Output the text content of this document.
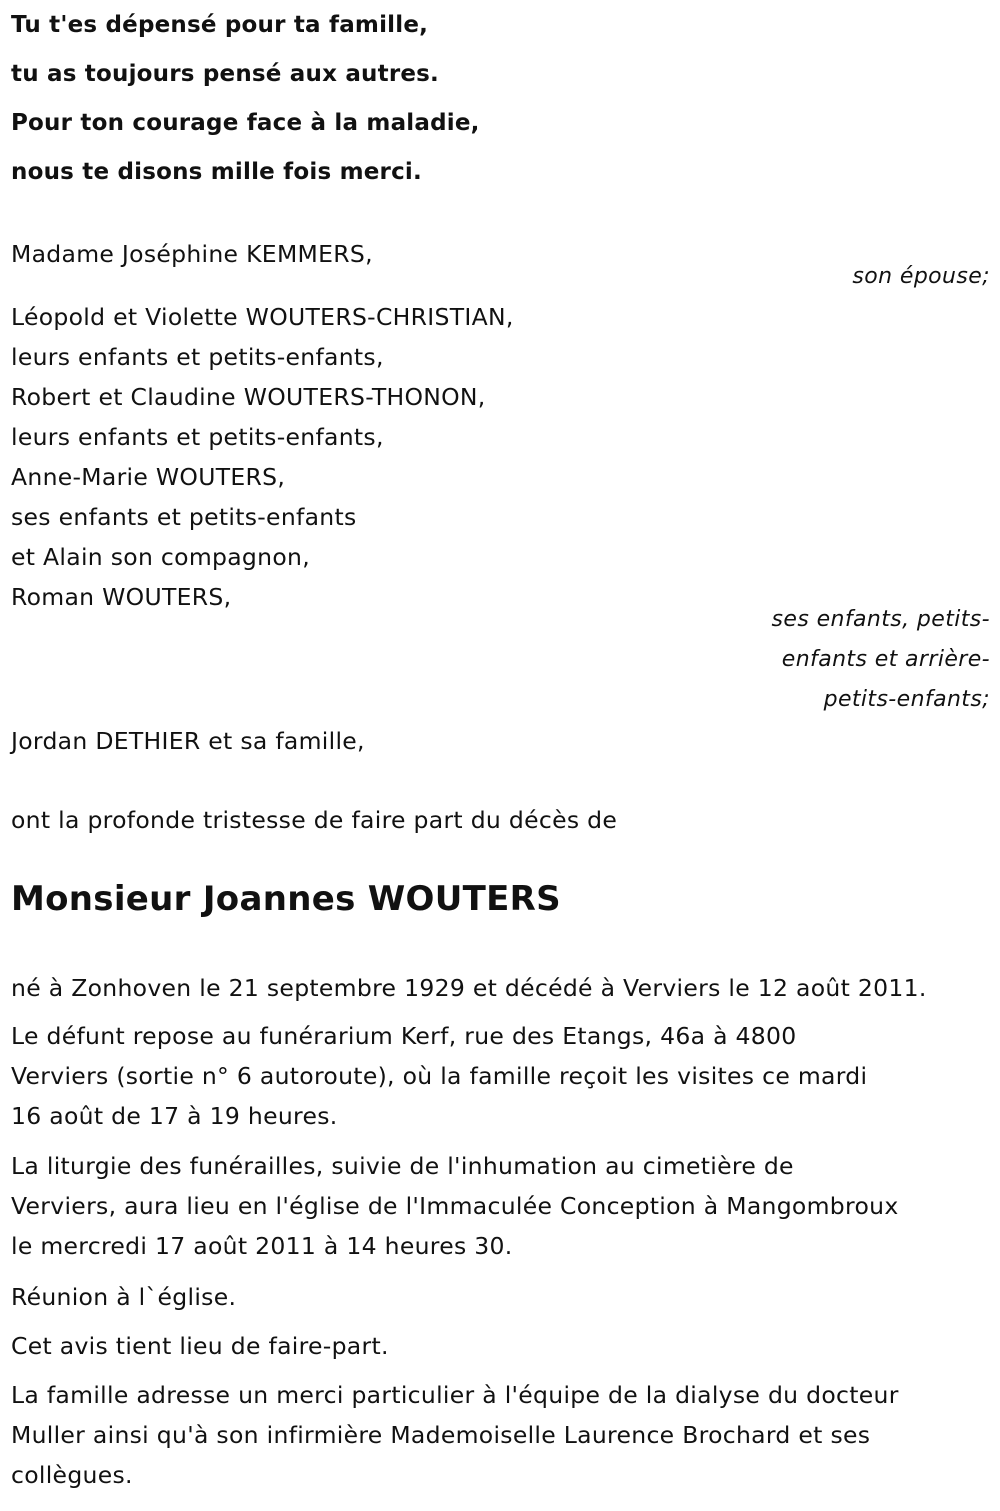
Tu t'es dépensé pour ta famille,
tu as toujours pensé aux autres.
Pour ton courage face à la maladie,
nous te disons mille fois merci.
Madame Joséphine KEMMERS,
son épouse;
Léopold et Violette WOUTERS-CHRISTIAN,
leurs enfants et petits-enfants,
Robert et Claudine WOUTERS-THONON,
leurs enfants et petits-enfants,
Anne-Marie WOUTERS,
ses enfants et petits-enfants
et Alain son compagnon,
Roman WOUTERS,
ses enfants, petits-
enfants et arrière-
petits-enfants;
Jordan DETHIER et sa famille,
ont la profonde tristesse de faire part du décès de
Monsieur Joannes WOUTERS
né à Zonhoven le 21 septembre 1929 et décédé à Verviers le 12 août 2011.
Le défunt repose au funérarium Kerf, rue des Etangs, 46a à 4800
Verviers (sortie n° 6 autoroute), où la famille reçoit les visites ce mardi
16 août de 17 à 19 heures.
La liturgie des funérailles, suivie de l'inhumation au cimetière de
Verviers, aura lieu en l'église de l'Immaculée Conception à Mangombroux
le mercredi 17 août 2011 à 14 heures 30.
Réunion à l`église.
Cet avis tient lieu de faire-part.
La famille adresse un merci particulier à l'équipe de la dialyse du docteur
Muller ainsi qu'à son infirmière Mademoiselle Laurence Brochard et ses
collègues.
